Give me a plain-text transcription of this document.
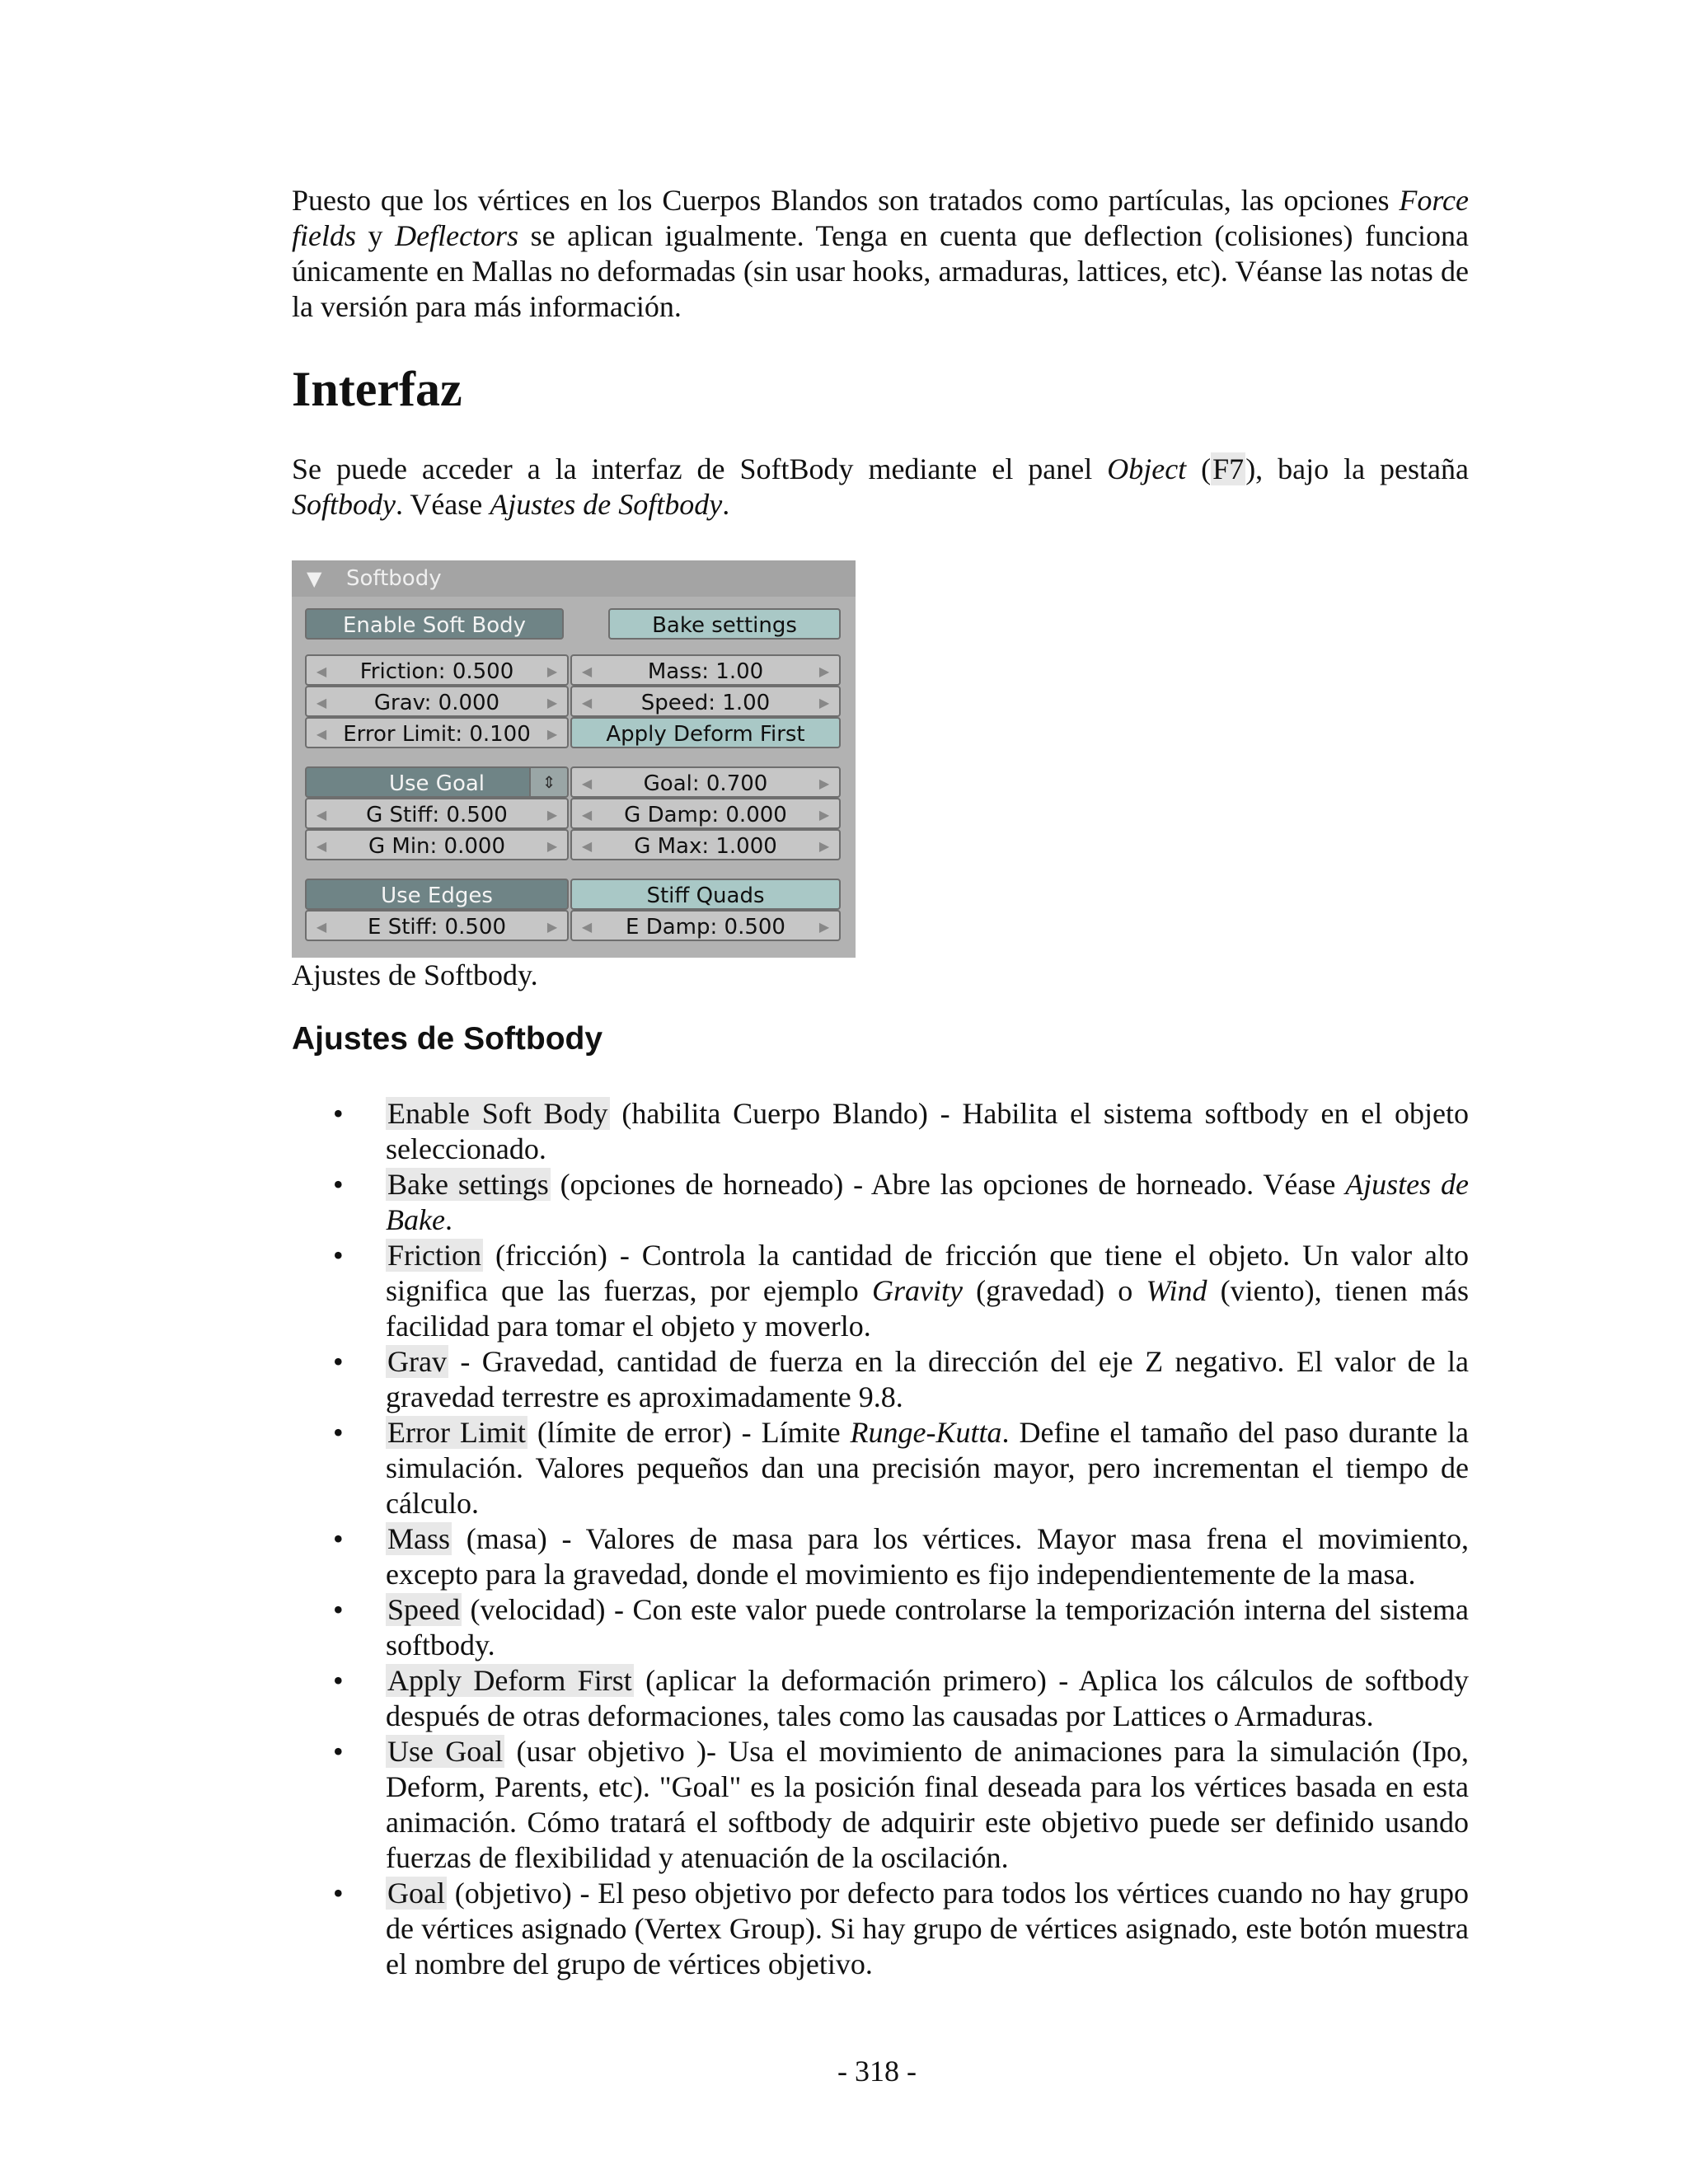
Puesto que los vértices en los Cuerpos Blandos son tratados como partículas, las opciones Force fields y Deflectors se aplican igualmente. Tenga en cuenta que deflection (colisiones) funciona únicamente en Mallas no deformadas (sin usar hooks, armaduras, lattices, etc). Véanse las notas de la versión para más información.

Interfaz

Se puede acceder a la interfaz de SoftBody mediante el panel Object (F7), bajo la pestaña Softbody. Véase Ajustes de Softbody.

▼ Softbody
Enable Soft Body	Bake settings
◀ Friction: 0.500	▶	◀	Mass: 1.00	▶
◀ Grav: 0.000	▶	◀ Speed: 1.00	▶
◀ Error Limit: 0.100	▶	Apply Deform First
Use Goal	⇕	◀ Goal: 0.700	▶
◀ G Stiff: 0.500	▶	◀ G Damp: 0.000	▶
◀ G Min: 0.000	▶	◀ G Max: 1.000	▶
Use Edges	Stiff Quads
◀ E Stiff: 0.500	▶	◀ E Damp: 0.500	▶

Ajustes de Softbody.

Ajustes de Softbody
• Enable Soft Body (habilita Cuerpo Blando) - Habilita el sistema softbody en el objeto seleccionado.
• Bake settings (opciones de horneado) - Abre las opciones de horneado. Véase Ajustes de Bake.
• Friction (fricción) - Controla la cantidad de fricción que tiene el objeto. Un valor alto significa que las fuerzas, por ejemplo Gravity (gravedad) o Wind (viento), tienen más facilidad para tomar el objeto y moverlo.
• Grav - Gravedad, cantidad de fuerza en la dirección del eje Z negativo. El valor de la gravedad terrestre es aproximadamente 9.8.
• Error Limit (límite de error) - Límite Runge-Kutta. Define el tamaño del paso durante la simulación. Valores pequeños dan una precisión mayor, pero incrementan el tiempo de cálculo.
• Mass (masa) - Valores de masa para los vértices. Mayor masa frena el movimiento, excepto para la gravedad, donde el movimiento es fijo independientemente de la masa.
• Speed (velocidad) - Con este valor puede controlarse la temporización interna del sistema softbody.
• Apply Deform First (aplicar la deformación primero) - Aplica los cálculos de softbody después de otras deformaciones, tales como las causadas por Lattices o Armaduras.
• Use Goal (usar objetivo )- Usa el movimiento de animaciones para la simulación (Ipo, Deform, Parents, etc). "Goal" es la posición final deseada para los vértices basada en esta animación. Cómo tratará el softbody de adquirir este objetivo puede ser definido usando fuerzas de flexibilidad y atenuación de la oscilación.
• Goal (objetivo) - El peso objetivo por defecto para todos los vértices cuando no hay grupo de vértices asignado (Vertex Group). Si hay grupo de vértices asignado, este botón muestra el nombre del grupo de vértices objetivo.
- 318 -
